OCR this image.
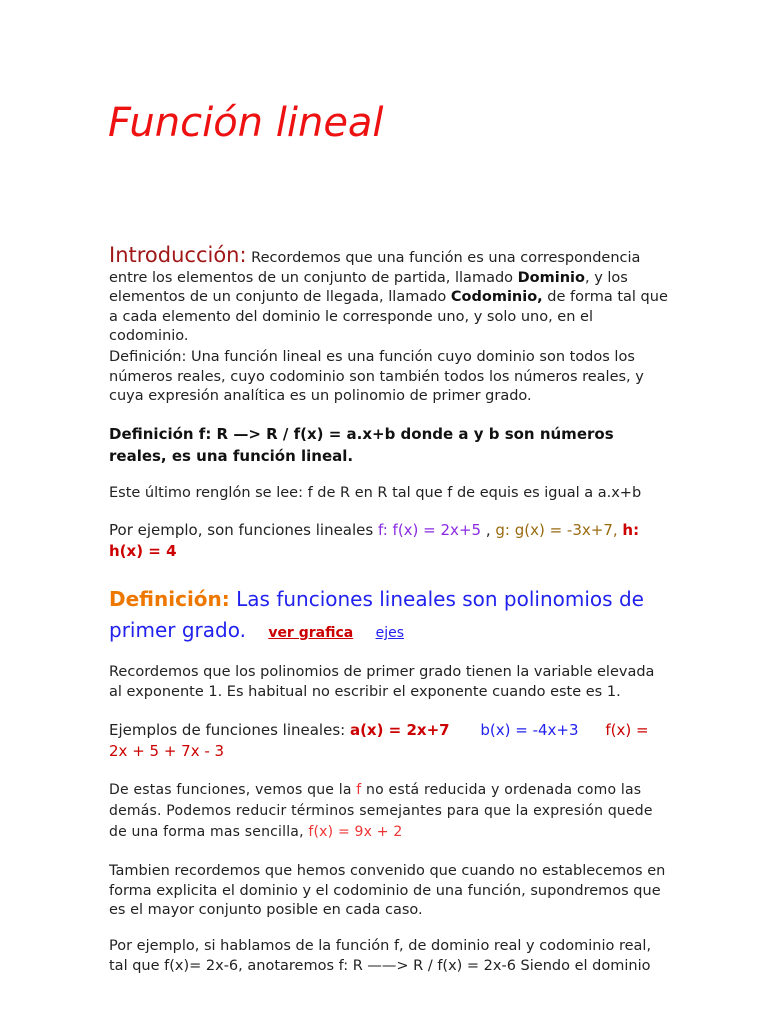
Función lineal
Introducción: Recordemos que una función es una correspondencia entre los elementos de un conjunto de partida, llamado Dominio, y los elementos de un conjunto de llegada, llamado Codominio, de forma tal que a cada elemento del dominio le corresponde uno, y solo uno, en el codominio.
Definición: Una función lineal es una función cuyo dominio son todos los números reales, cuyo codominio son también todos los números reales, y cuya expresión analítica es un polinomio de primer grado.
Definición f: R —> R / f(x) = a.x+b donde a y b son números reales, es una función lineal.
Este último renglón se lee: f de R en R tal que f de equis es igual a a.x+b
Por ejemplo, son funciones lineales f: f(x) = 2x+5 , g: g(x) = -3x+7, h: h(x) = 4
Definición: Las funciones lineales son polinomios de primer grado. ver grafica ejes
Recordemos que los polinomios de primer grado tienen la variable elevada al exponente 1. Es habitual no escribir el exponente cuando este es 1.
Ejemplos de funciones lineales: a(x) = 2x+7 b(x) = -4x+3 f(x) = 2x + 5 + 7x - 3
De estas funciones, vemos que la f no está reducida y ordenada como las demás. Podemos reducir términos semejantes para que la expresión quede de una forma mas sencilla, f(x) = 9x + 2
Tambien recordemos que hemos convenido que cuando no establecemos en forma explicita el dominio y el codominio de una función, supondremos que es el mayor conjunto posible en cada caso.
Por ejemplo, si hablamos de la función f, de dominio real y codominio real, tal que f(x)= 2x-6, anotaremos f: R ——> R / f(x) = 2x-6 Siendo el dominio
